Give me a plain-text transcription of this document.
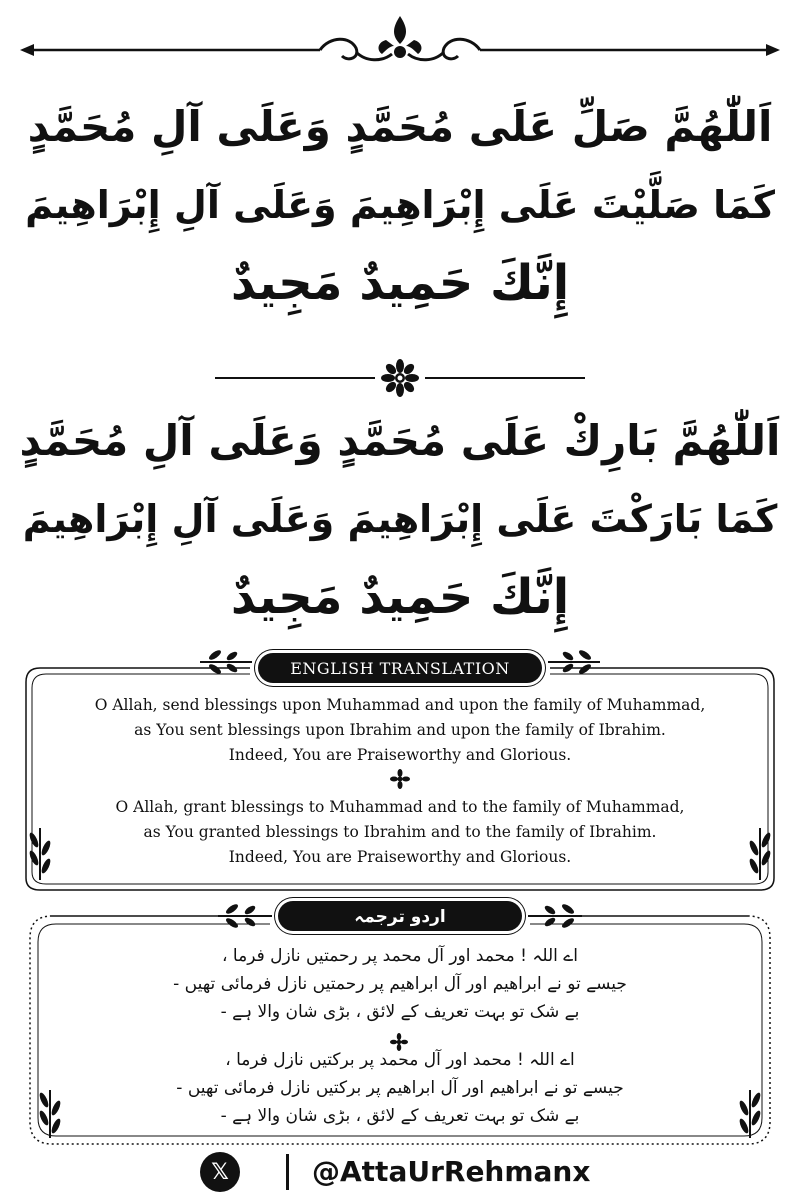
اَللّٰهُمَّ صَلِّ عَلَى مُحَمَّدٍ وَعَلَى آلِ مُحَمَّدٍ
كَمَا صَلَّيْتَ عَلَى إِبْرَاهِيمَ وَعَلَى آلِ إِبْرَاهِيمَ
إِنَّكَ حَمِيدٌ مَجِيدٌ
اَللّٰهُمَّ بَارِكْ عَلَى مُحَمَّدٍ وَعَلَى آلِ مُحَمَّدٍ
كَمَا بَارَكْتَ عَلَى إِبْرَاهِيمَ وَعَلَى آلِ إِبْرَاهِيمَ
إِنَّكَ حَمِيدٌ مَجِيدٌ
ENGLISH TRANSLATION
O Allah, send blessings upon Muhammad and upon the family of Muhammad,
as You sent blessings upon Ibrahim and upon the family of Ibrahim.
Indeed, You are Praiseworthy and Glorious.
O Allah, grant blessings to Muhammad and to the family of Muhammad,
as You granted blessings to Ibrahim and to the family of Ibrahim.
Indeed, You are Praiseworthy and Glorious.
اردو ترجمہ
اے اللہ ! محمد اور آل محمد پر رحمتیں نازل فرما ،
جیسے تو نے ابراهیم اور آل ابراهیم پر رحمتیں نازل فرمائی تھیں -
بے شک تو بہت تعریف کے لائق ، بڑی شان والا ہے -
اے اللہ ! محمد اور آل محمد پر برکتیں نازل فرما ،
جیسے تو نے ابراهیم اور آل ابراهیم پر برکتیں نازل فرمائی تھیں -
بے شک تو بہت تعریف کے لائق ، بڑی شان والا ہے -
𝕏	@AttaUrRehmanx
